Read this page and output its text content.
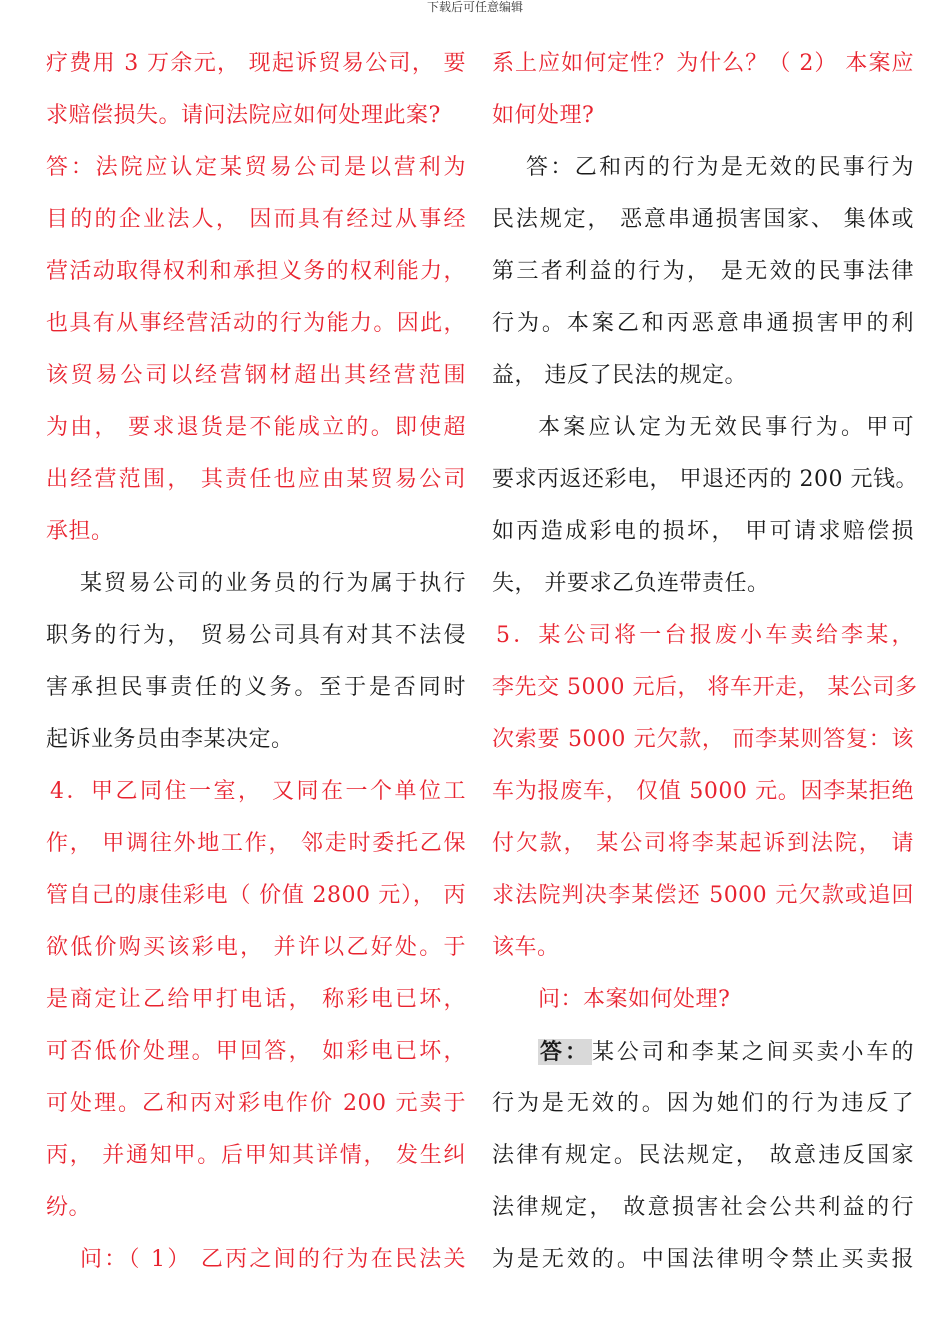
下载后可任意编辑
疗费用 3 万余元， 现起诉贸易公司， 要
求赔偿损失。请问法院应如何处理此案?
答：法院应认定某贸易公司是以营利为
目的的企业法人， 因而具有经过从事经
营活动取得权利和承担义务的权利能力，
也具有从事经营活动的行为能力。因此，
该贸易公司以经营钢材超出其经营范围
为由， 要求退货是不能成立的。即使超
出经营范围， 其责任也应由某贸易公司
承担。
某贸易公司的业务员的行为属于执行
职务的行为， 贸易公司具有对其不法侵
害承担民事责任的义务。至于是否同时
起诉业务员由李某决定。
4．甲乙同住一室， 又同在一个单位工
作， 甲调往外地工作， 邻走时委托乙保
管自己的康佳彩电（ 价值 2800 元）， 丙
欲低价购买该彩电， 并许以乙好处。于
是商定让乙给甲打电话， 称彩电已坏，
可否低价处理。甲回答， 如彩电已坏，
可处理。乙和丙对彩电作价 200 元卖于
丙， 并通知甲。后甲知其详情， 发生纠
纷。
问：（ 1） 乙丙之间的行为在民法关
系上应如何定性？为什么？（ 2） 本案应
如何处理?
答：乙和丙的行为是无效的民事行为
民法规定， 恶意串通损害国家、 集体或
第三者利益的行为， 是无效的民事法律
行为。本案乙和丙恶意串通损害甲的利
益， 违反了民法的规定。
本案应认定为无效民事行为。甲可
要求丙返还彩电， 甲退还丙的 200 元钱。
如丙造成彩电的损坏， 甲可请求赔偿损
失， 并要求乙负连带责任。
5．某公司将一台报废小车卖给李某，
李先交 5000 元后， 将车开走， 某公司多
次索要 5000 元欠款， 而李某则答复：该
车为报废车， 仅值 5000 元。因李某拒绝
付欠款， 某公司将李某起诉到法院， 请
求法院判决李某偿还 5000 元欠款或追回
该车。
问：本案如何处理?
答：某公司和李某之间买卖小车的
行为是无效的。因为她们的行为违反了
法律有规定。民法规定， 故意违反国家
法律规定， 故意损害社会公共利益的行
为是无效的。中国法律明令禁止买卖报
